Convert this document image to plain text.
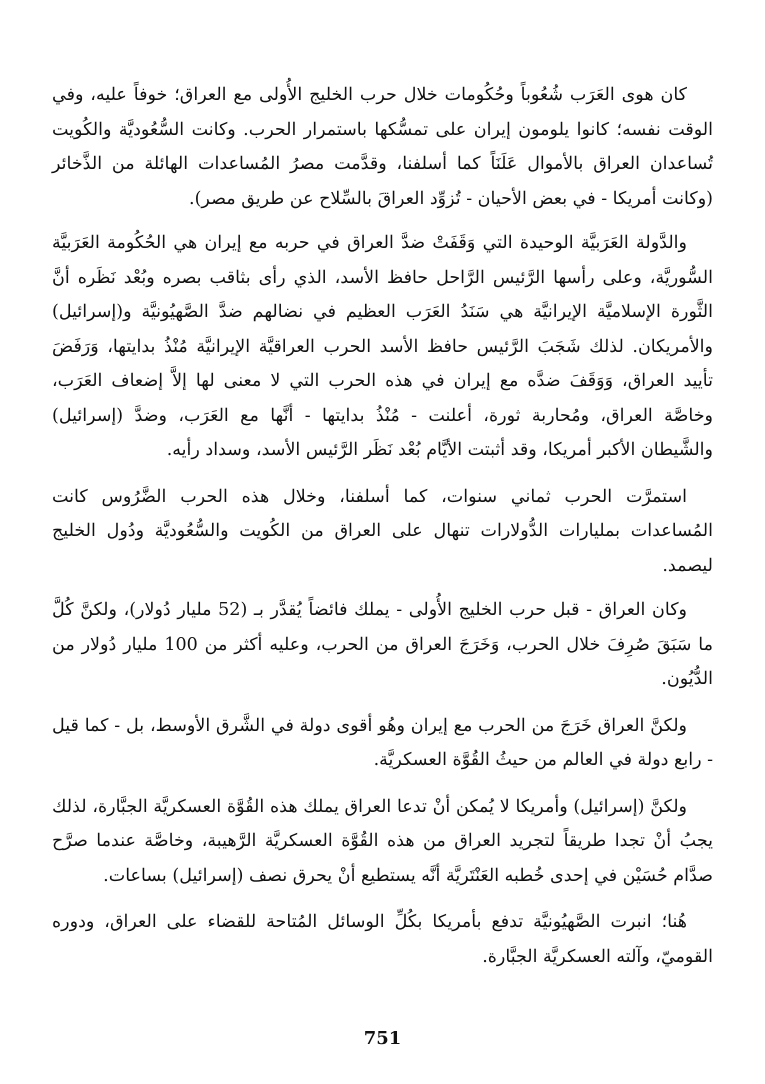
كان هوى العَرَب شُعُوباً وحُكُومات خلال حرب الخليج الأُولى مع العراق؛ خوفاً عليه، وفي الوقت نفسه؛ كانوا يلومون إيران على تمسُّكها باستمرار الحرب. وكانت السُّعُوديَّة والكُويت تُساعدان العراق بالأموال عَلَنَاً كما أسلفنا، وقدَّمت مصرُ المُساعدات الهائلة من الذَّخائر (وكانت أمريكا - في بعض الأحيان - تُزوِّد العراقَ بالسِّلاح عن طريق مصر).

والدَّولة العَرَبيَّة الوحيدة التي وَقَفَتْ ضدَّ العراق في حربه مع إيران هي الحُكُومة العَرَبيَّة السُّوريَّة، وعلى رأسها الرَّئيس الرَّاحل حافظ الأسد، الذي رأى بثاقب بصره وبُعْد نَظَره أنَّ الثَّورة الإسلاميَّة الإيرانيَّة هي سَنَدُ العَرَب العظيم في نضالهم ضدَّ الصَّهيُونيَّة و(إسرائيل) والأمريكان. لذلك شَجَبَ الرَّئيس حافظ الأسد الحرب العراقيَّة الإيرانيَّة مُنْذُ بدايتها، وَرَفَضَ تأييد العراق، وَوَقَفَ ضدَّه مع إيران في هذه الحرب التي لا معنى لها إلاَّ إضعاف العَرَب، وخاصَّة العراق، ومُحاربة ثورة، أعلنت - مُنْذُ بدايتها - أنَّها مع العَرَب، وضدَّ (إسرائيل) والشَّيطان الأكبر أمريكا، وقد أثبتت الأيَّام بُعْد نَظَر الرَّئيس الأسد، وسداد رأيه.

استمرَّت الحرب ثماني سنوات، كما أسلفنا، وخلال هذه الحرب الضَّرُوس كانت المُساعدات بمليارات الدُّولارات تنهال على العراق من الكُويت والسُّعُوديَّة ودُول الخليج ليصمد.

وكان العراق - قبل حرب الخليج الأُولى - يملك فائضاً يُقدَّر بـ (52 مليار دُولار)، ولكنَّ كُلَّ ما سَبَقَ صُرِفَ خلال الحرب، وَخَرَجَ العراق من الحرب، وعليه أكثر من 100 مليار دُولار من الدُّيُون.

ولكنَّ العراق خَرَجَ من الحرب مع إيران وهُو أقوى دولة في الشَّرق الأوسط، بل - كما قيل - رابع دولة في العالم من حيثُ القُوَّة العسكريَّة.

ولكنَّ (إسرائيل) وأمريكا لا يُمكن أنْ تدعا العراق يملك هذه القُوَّة العسكريَّة الجبَّارة، لذلك يجبُ أنْ تجدا طريقاً لتجريد العراق من هذه القُوَّة العسكريَّة الرَّهيبة، وخاصَّة عندما صرَّح صدَّام حُسَيْن في إحدى خُطبه العَنْتَريَّة أنَّه يستطيع أنْ يحرق نصف (إسرائيل) بساعات.

هُنا؛ انبرت الصَّهيُونيَّة تدفع بأمريكا بكُلِّ الوسائل المُتاحة للقضاء على العراق، ودوره القوميّ، وآلته العسكريَّة الجبَّارة.

751
